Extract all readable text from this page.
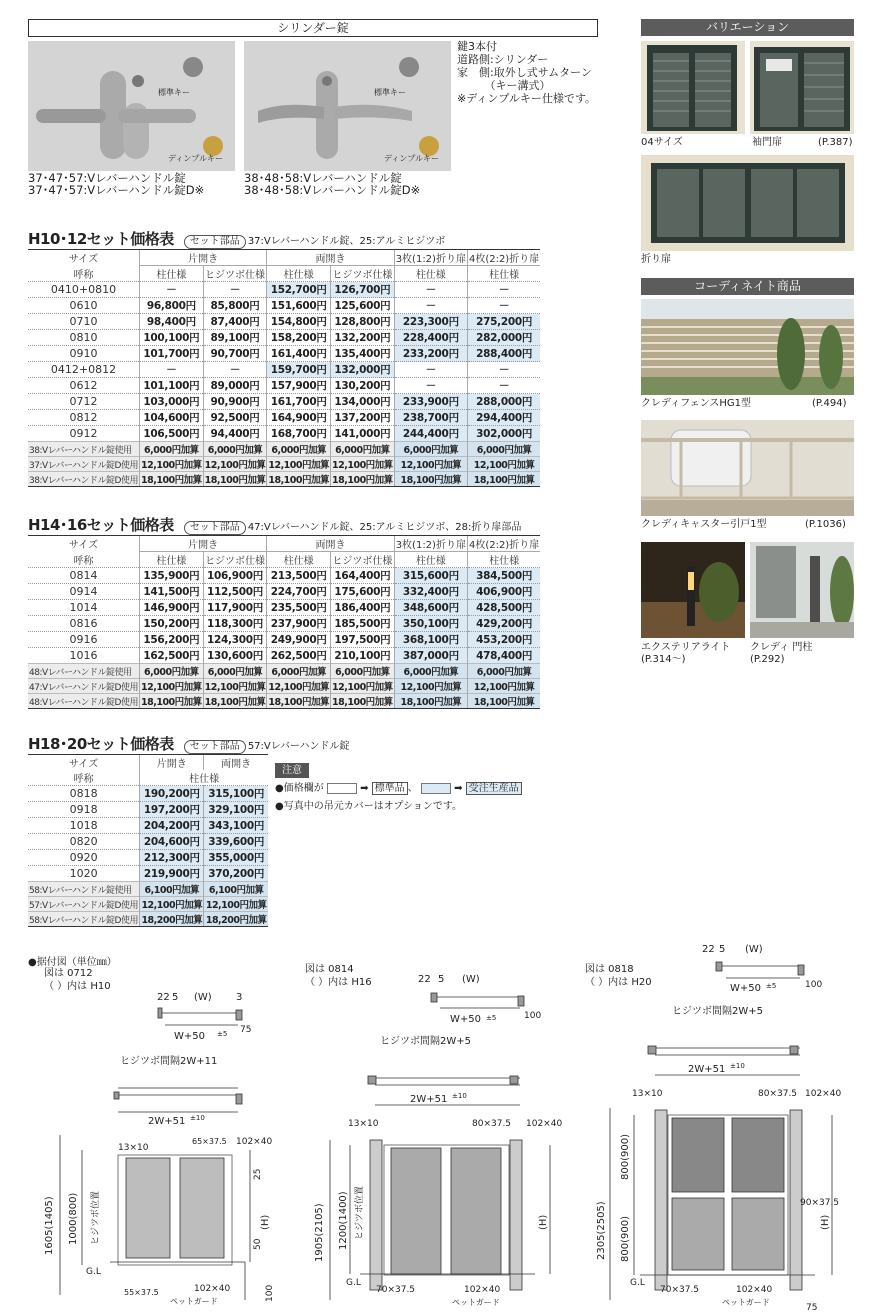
シリンダー錠
標準キー
ディンプルキー
標準キー
ディンプルキー
37･47･57:Vレバーハンドル錠
37･47･57:Vレバーハンドル錠D※
38･48･58:Vレバーハンドル錠
38･48･58:Vレバーハンドル錠D※
鍵3本付
道路側:シリンダー
家　側:取外し式サムターン
　　　（キー溝式）
※ディンプルキー仕様です。
バリエーション
04サイズ	袖門扉	(P.387)
折り扉
コーディネイト商品
クレディフェンスHG1型	(P.494)
クレディキャスター引戸1型	(P.1036)
エクステリアライト
(P.314〜)
クレディ 門柱
(P.292)
H10･12セット価格表 セット部品 37:Vレバーハンドル錠、25:アルミヒジツボ
サイズ	片開き		両開き		3枚(1:2)折り扉	4枚(2:2)折り扉
呼称	柱仕様	ヒジツボ仕様	柱仕様	ヒジツボ仕様	柱仕様	柱仕様
0410+0810	－	－	152,700円	126,700円	－	－
0610	96,800円	85,800円	151,600円	125,600円	－	－
0710	98,400円	87,400円	154,800円	128,800円	223,300円	275,200円
0810	100,100円	89,100円	158,200円	132,200円	228,400円	282,000円
0910	101,700円	90,700円	161,400円	135,400円	233,200円	288,400円
0412+0812	－	－	159,700円	132,000円	－	－
0612	101,100円	89,000円	157,900円	130,200円	－	－
0712	103,000円	90,900円	161,700円	134,000円	233,900円	288,000円
0812	104,600円	92,500円	164,900円	137,200円	238,700円	294,400円
0912	106,500円	94,400円	168,700円	141,000円	244,400円	302,000円
38:Vレバーハンドル錠使用	6,000円加算	6,000円加算	6,000円加算	6,000円加算	6,000円加算	6,000円加算
37:Vレバーハンドル錠D使用	12,100円加算	12,100円加算	12,100円加算	12,100円加算	12,100円加算	12,100円加算
38:Vレバーハンドル錠D使用	18,100円加算	18,100円加算	18,100円加算	18,100円加算	18,100円加算	18,100円加算
H14･16セット価格表 セット部品 47:Vレバーハンドル錠、25:アルミヒジツボ、28:折り扉部品
サイズ	片開き		両開き		3枚(1:2)折り扉	4枚(2:2)折り扉
呼称	柱仕様	ヒジツボ仕様	柱仕様	ヒジツボ仕様	柱仕様	柱仕様
0814	135,900円	106,900円	213,500円	164,400円	315,600円	384,500円
0914	141,500円	112,500円	224,700円	175,600円	332,400円	406,900円
1014	146,900円	117,900円	235,500円	186,400円	348,600円	428,500円
0816	150,200円	118,300円	237,900円	185,500円	350,100円	429,200円
0916	156,200円	124,300円	249,900円	197,500円	368,100円	453,200円
1016	162,500円	130,600円	262,500円	210,100円	387,000円	478,400円
48:Vレバーハンドル錠使用	6,000円加算	6,000円加算	6,000円加算	6,000円加算	6,000円加算	6,000円加算
47:Vレバーハンドル錠D使用	12,100円加算	12,100円加算	12,100円加算	12,100円加算	12,100円加算	12,100円加算
48:Vレバーハンドル錠D使用	18,100円加算	18,100円加算	18,100円加算	18,100円加算	18,100円加算	18,100円加算
H18･20セット価格表 セット部品 57:Vレバーハンドル錠
サイズ	片開き	両開き
呼称	柱仕様	
0818	190,200円	315,100円
0918	197,200円	329,100円
1018	204,200円	343,100円
0820	204,600円	339,600円
0920	212,300円	355,000円
1020	219,900円	370,200円
58:Vレバーハンドル錠使用	6,100円加算	6,100円加算
57:Vレバーハンドル錠D使用	12,100円加算	12,100円加算
58:Vレバーハンドル錠D使用	18,200円加算	18,200円加算
注意
●価格欄が	➡ 標準品 、	➡ 受注生産品
●写真中の吊元カバーはオプションです。
●据付図（単位㎜）
図は 0712
（ ）内は H10
図は 0814
（ ）内は H16
図は 0818
（ ）内は H20
22 5 (W) 3
W+50 ±5 75
ヒジツボ間隔2W+11
2W+51 ±10
13×10
65×37.5 102×40
55×37.5	102×40
G.L
ペットガード
1605(1405) 1000(800) ヒジツボ位置	(H)
25
50
100
22 5 (W)
W+50 ±5	100
ヒジツボ間隔2W+5
2W+51 ±10
13×10	80×37.5 102×40
70×37.5	102×40
G.L
ペットガード
1905(2105) 1200(1400) ヒジツボ位置	(H)
22 5 (W)
W+50 ±5	100
ヒジツボ間隔2W+5
2W+51 ±10
13×10	80×37.5 102×40
90×37.5
70×37.5	102×40
G.L
ペットガード
2305(2505)
800(900)
800(900)	(H)
75
